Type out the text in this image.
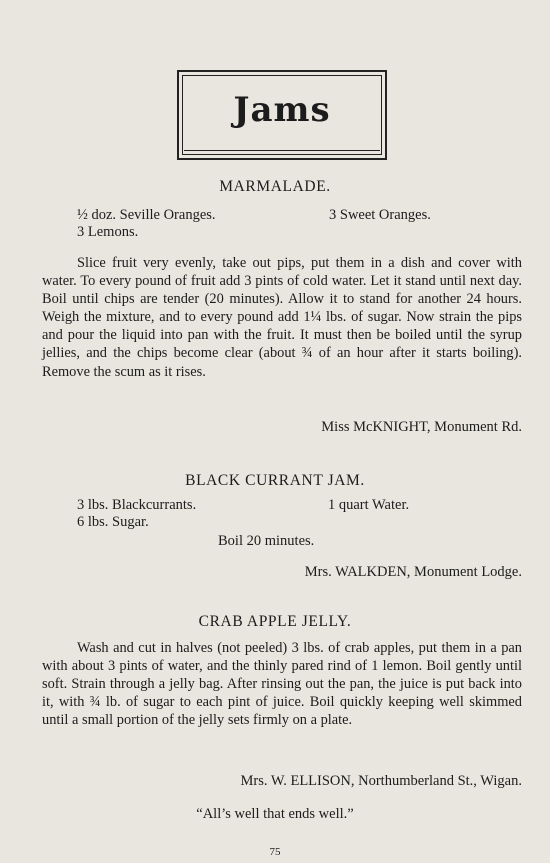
Jams
MARMALADE.
½ doz. Seville Oranges.	3 Sweet Oranges.
3 Lemons.

Slice fruit very evenly, take out pips, put them in a dish and cover with water. To every pound of fruit add 3 pints of cold water. Let it stand until next day. Boil until chips are tender (20 minutes). Allow it to stand for another 24 hours. Weigh the mixture, and to every pound add 1¼ lbs. of sugar. Now strain the pips and pour the liquid into pan with the fruit. It must then be boiled until the syrup jellies, and the chips become clear (about ¾ of an hour after it starts boiling). Remove the scum as it rises.

Miss McKNIGHT, Monument Rd.
BLACK CURRANT JAM.
3 lbs. Blackcurrants.	1 quart Water.
6 lbs. Sugar.
Boil 20 minutes.
Mrs. WALKDEN, Monument Lodge.
CRAB APPLE JELLY.

Wash and cut in halves (not peeled) 3 lbs. of crab apples, put them in a pan with about 3 pints of water, and the thinly pared rind of 1 lemon. Boil gently until soft. Strain through a jelly bag. After rinsing out the pan, the juice is put back into it, with ¾ lb. of sugar to each pint of juice. Boil quickly keeping well skimmed until a small portion of the jelly sets firmly on a plate.

Mrs. W. ELLISON, Northumberland St., Wigan.
“All’s well that ends well.”
75
